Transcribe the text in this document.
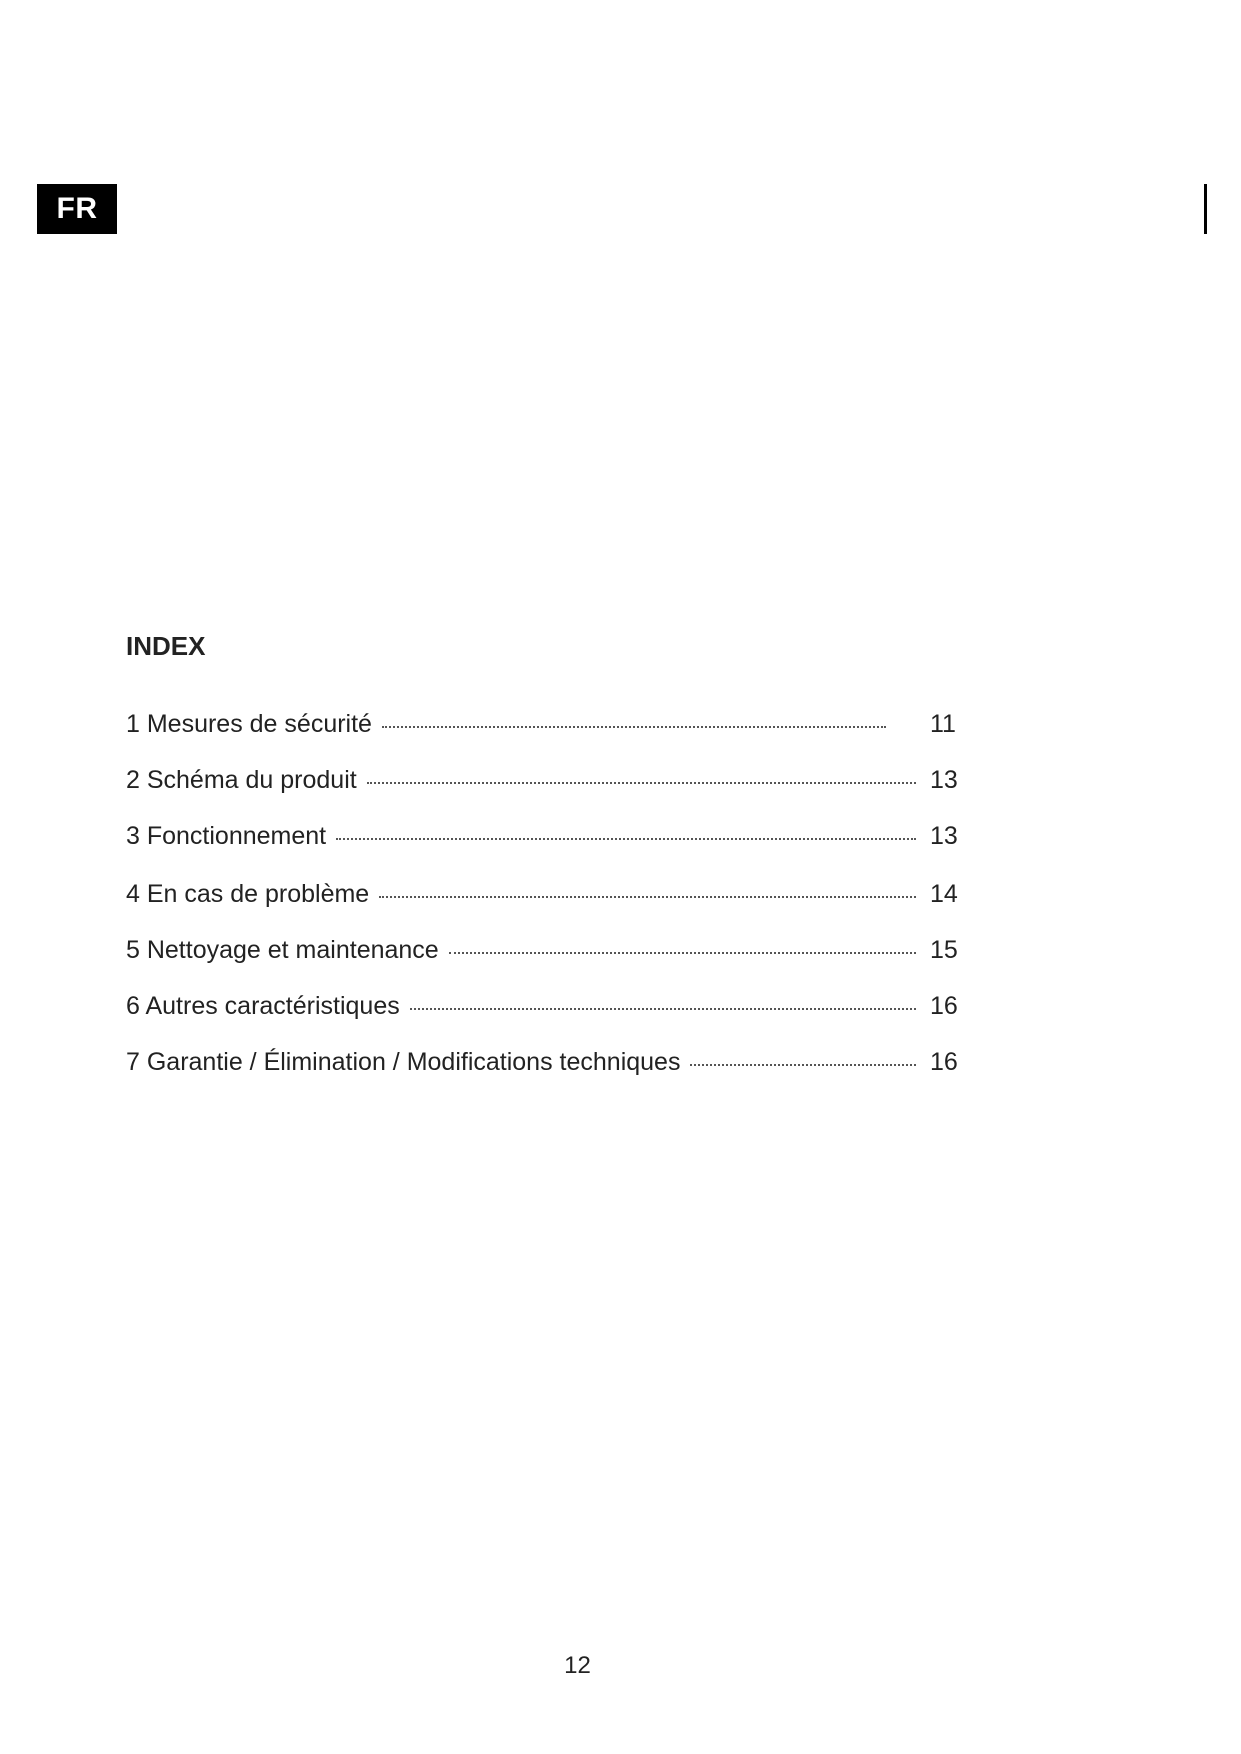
FR
INDEX
1 Mesures de sécurité	11
2 Schéma du produit	13
3 Fonctionnement	13
4 En cas de problème	14
5 Nettoyage et maintenance	15
6 Autres caractéristiques	16
7 Garantie / Élimination / Modifications techniques	16
12
